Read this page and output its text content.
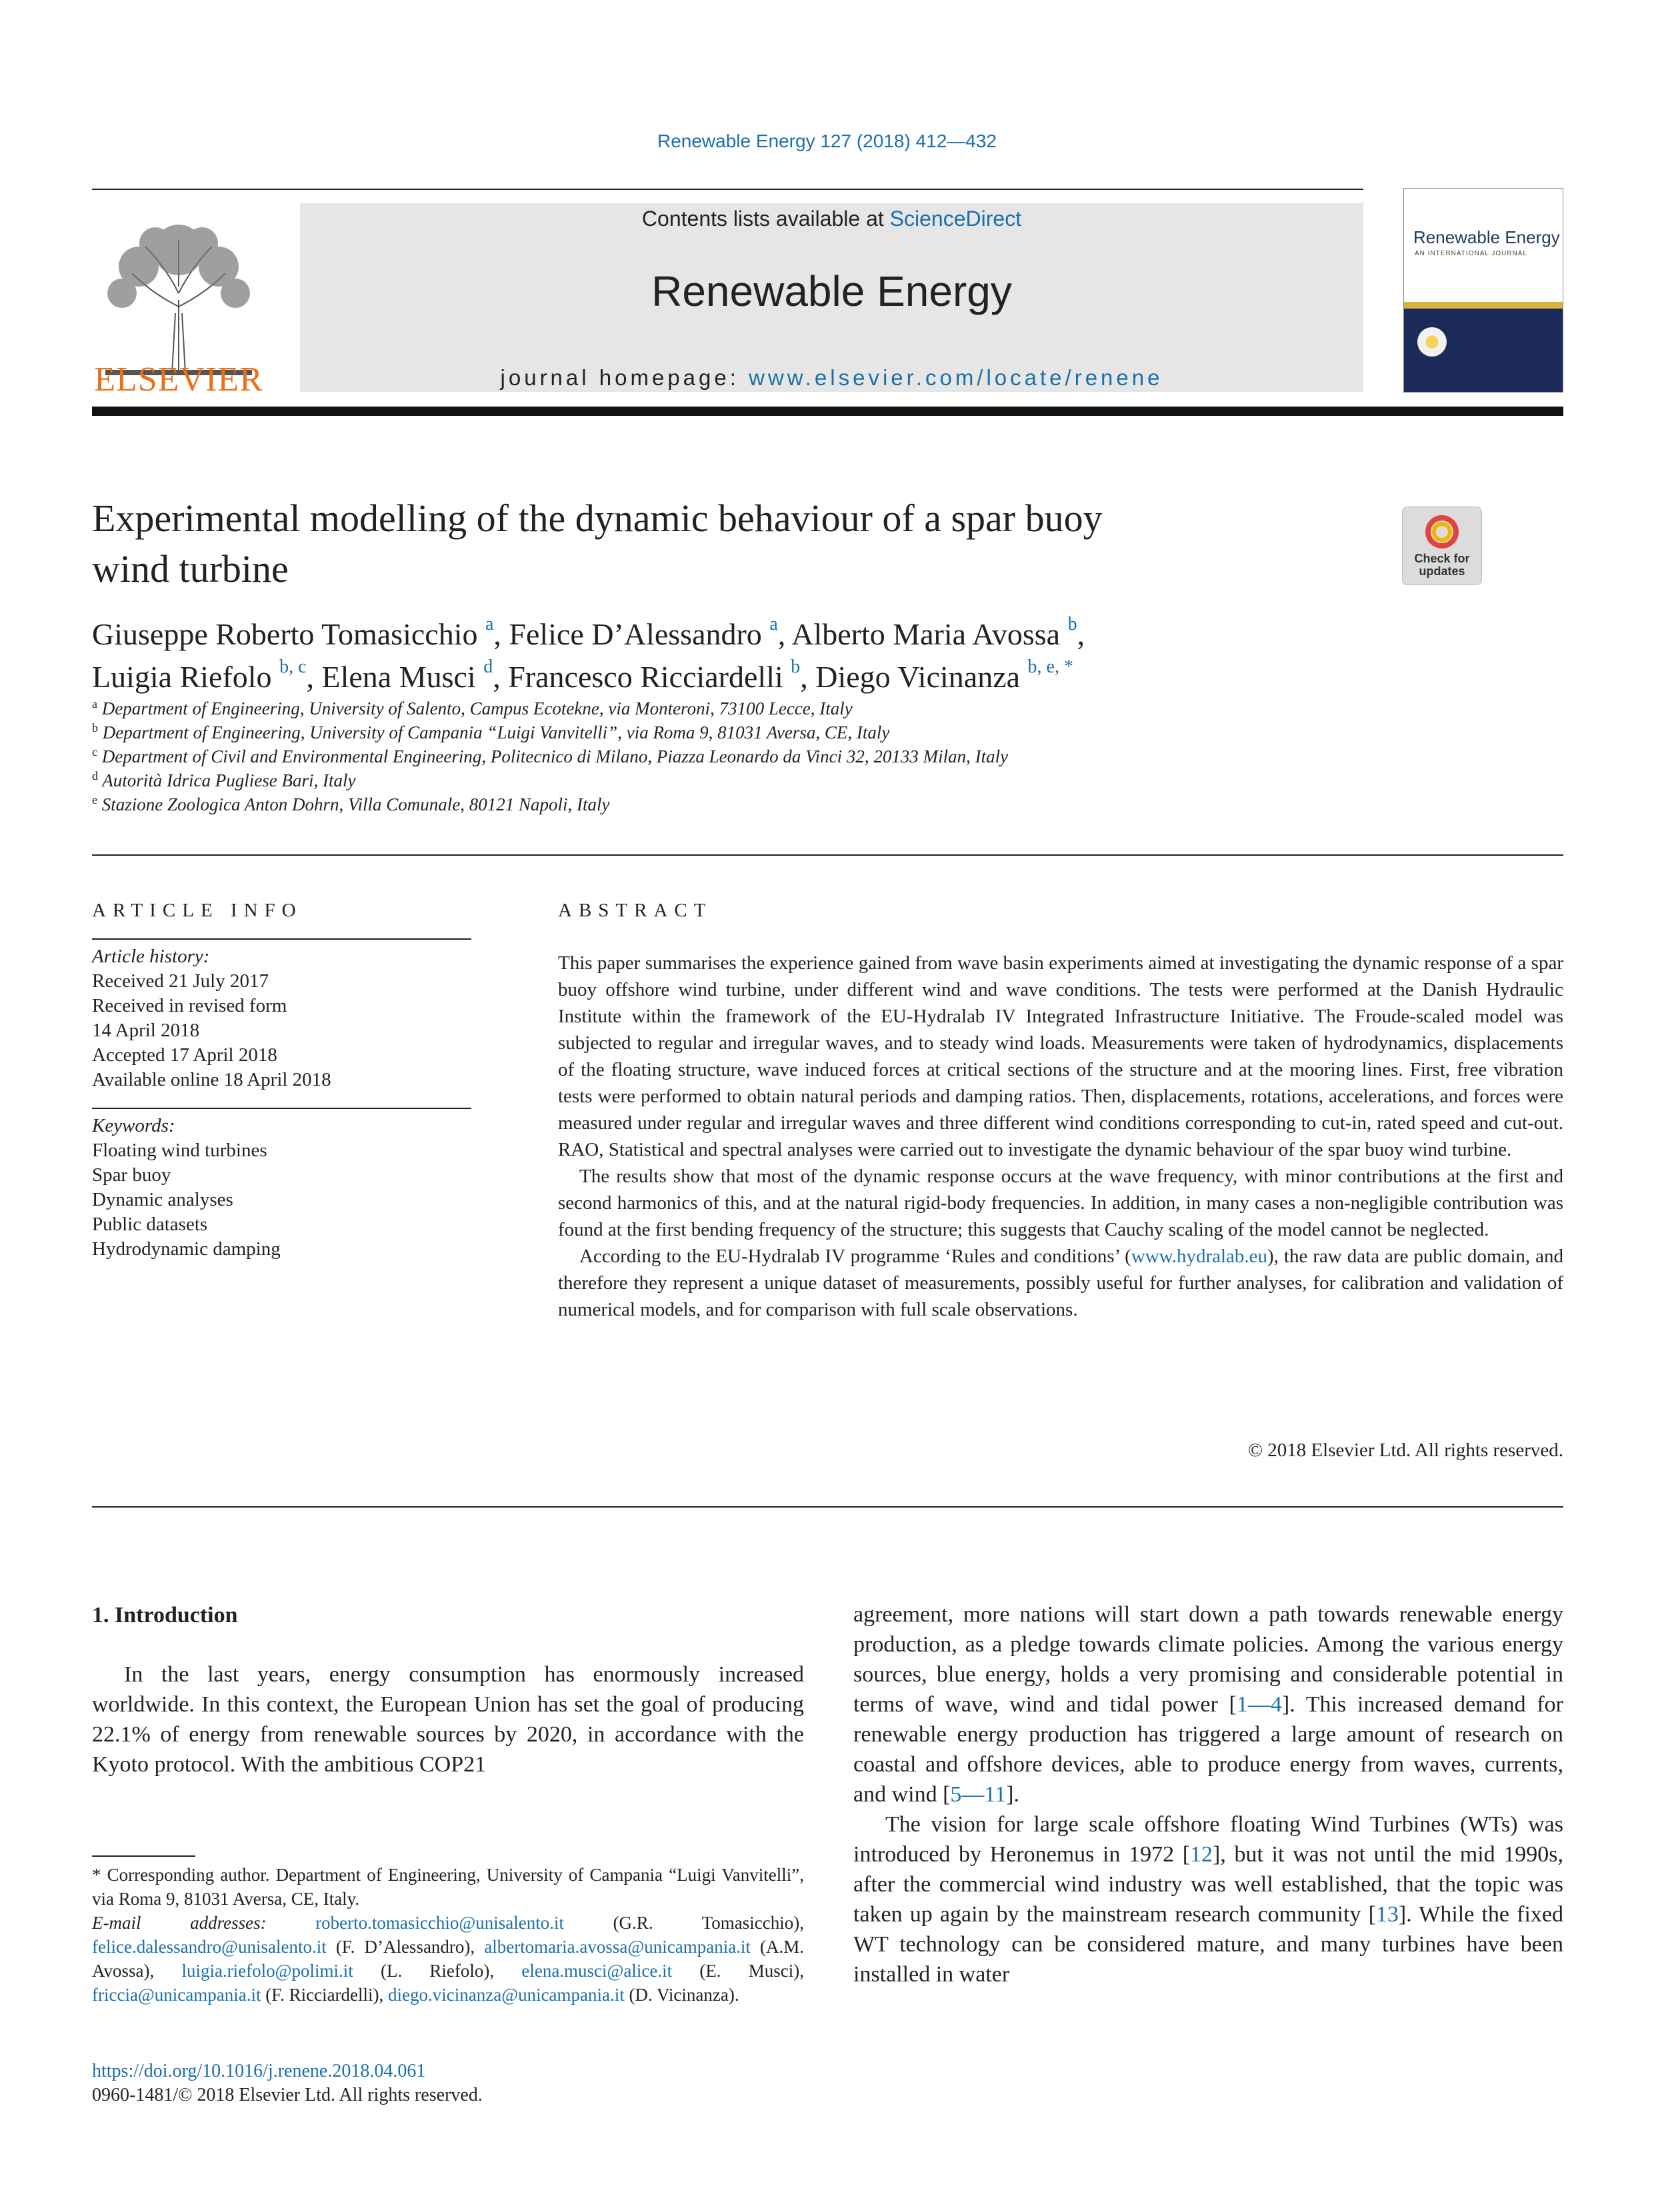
Renewable Energy 127 (2018) 412—432
ELSEVIER
Contents lists available at ScienceDirect
Renewable Energy
journal homepage: www.elsevier.com/locate/renene
Renewable Energy
AN INTERNATIONAL JOURNAL
Experimental modelling of the dynamic behaviour of a spar buoy
wind turbine	Check for
updates
Giuseppe Roberto Tomasicchio $^a$, Felice D’Alessandro $^a$, Alberto Maria Avossa $^b$,
Luigia Riefolo $^{b, c}$, Elena Musci $^d$, Francesco Ricciardelli $^b$, Diego Vicinanza $^{b, e, *}$
$^a$ Department of Engineering, University of Salento, Campus Ecotekne, via Monteroni, 73100 Lecce, Italy
$^b$ Department of Engineering, University of Campania “Luigi Vanvitelli”, via Roma 9, 81031 Aversa, CE, Italy
$^c$ Department of Civil and Environmental Engineering, Politecnico di Milano, Piazza Leonardo da Vinci 32, 20133 Milan, Italy
$^d$ Autorità Idrica Pugliese Bari, Italy
$^e$ Stazione Zoologica Anton Dohrn, Villa Comunale, 80121 Napoli, Italy
ARTICLE INFO
Article history:
Received 21 July 2017
Received in revised form
14 April 2018
Accepted 17 April 2018
Available online 18 April 2018
Keywords:
Floating wind turbines
Spar buoy
Dynamic analyses
Public datasets
Hydrodynamic damping
ABSTRACT

This paper summarises the experience gained from wave basin experiments aimed at investigating the dynamic response of a spar buoy offshore wind turbine, under different wind and wave conditions. The tests were performed at the Danish Hydraulic Institute within the framework of the EU-Hydralab IV Integrated Infrastructure Initiative. The Froude-scaled model was subjected to regular and irregular waves, and to steady wind loads. Measurements were taken of hydrodynamics, displacements of the floating structure, wave induced forces at critical sections of the structure and at the mooring lines. First, free vibration tests were performed to obtain natural periods and damping ratios. Then, displacements, rotations, accelerations, and forces were measured under regular and irregular waves and three different wind conditions corresponding to cut-in, rated speed and cut-out. RAO, Statistical and spectral analyses were carried out to investigate the dynamic behaviour of the spar buoy wind turbine.

The results show that most of the dynamic response occurs at the wave frequency, with minor contributions at the first and second harmonics of this, and at the natural rigid-body frequencies. In addition, in many cases a non-negligible contribution was found at the first bending frequency of the structure; this suggests that Cauchy scaling of the model cannot be neglected.

According to the EU-Hydralab IV programme ‘Rules and conditions’ (www.hydralab.eu), the raw data are public domain, and therefore they represent a unique dataset of measurements, possibly useful for further analyses, for calibration and validation of numerical models, and for comparison with full scale observations.

© 2018 Elsevier Ltd. All rights reserved.
1. Introduction

In the last years, energy consumption has enormously increased worldwide. In this context, the European Union has set the goal of producing 22.1% of energy from renewable sources by 2020, in accordance with the Kyoto protocol. With the ambitious COP21

agreement, more nations will start down a path towards renewable energy production, as a pledge towards climate policies. Among the various energy sources, blue energy, holds a very promising and considerable potential in terms of wave, wind and tidal power [1—4]. This increased demand for renewable energy production has triggered a large amount of research on coastal and offshore devices, able to produce energy from waves, currents, and wind [5—11].

The vision for large scale offshore floating Wind Turbines (WTs) was introduced by Heronemus in 1972 [12], but it was not until the mid 1990s, after the commercial wind industry was well established, that the topic was taken up again by the mainstream research community [13]. While the fixed WT technology can be considered mature, and many turbines have been installed in water

* Corresponding author. Department of Engineering, University of Campania “Luigi Vanvitelli”, via Roma 9, 81031 Aversa, CE, Italy.

E-mail addresses: roberto.tomasicchio@unisalento.it (G.R. Tomasicchio), felice.dalessandro@unisalento.it (F. D’Alessandro), albertomaria.avossa@unicampania.it (A.M. Avossa), luigia.riefolo@polimi.it (L. Riefolo), elena.musci@alice.it (E. Musci), friccia@unicampania.it (F. Ricciardelli), diego.vicinanza@unicampania.it (D. Vicinanza).

https://doi.org/10.1016/j.renene.2018.04.061
0960-1481/© 2018 Elsevier Ltd. All rights reserved.
